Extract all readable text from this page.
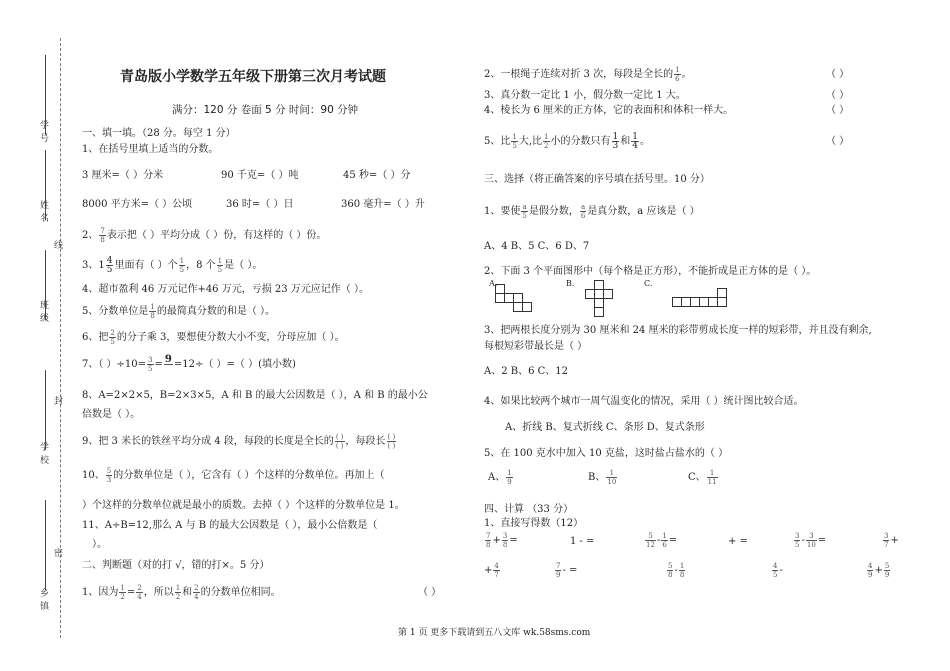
学
号
姓
名
线
班
级
封
学
校
密
乡
镇
青岛版小学数学五年级下册第三次月考试题
满分：120 分 卷面 5 分 时间：90 分钟
一、填一填。（28 分。每空 1 分）
1、在括号里填上适当的分数。
3 厘米=（ ）分米	90 千克=（ ）吨	45 秒=（ ）分
8000 平方米=（ ）公顷	36 时=（ ）日	360 毫升=（ ）升
2、 $\frac{7}{8}$ 表示把（ ）平均分成（ ）份，有这样的（ ）份。
3、$1 \frac{4}{5}$ 里面有（ ）个 $\frac{1}{5}$ ，8 个 $\frac{1}{5}$ 是（ ）。
4、超市盈利 46 万元记作+46 万元，亏损 23 万元应记作（ ）。
5、分数单位是 $\frac{1}{8}$ 的最简真分数的和是（ ）。
6、把 $\frac{2}{5}$ 的分子乘 3，要想使分数大小不变，分母应加（ ）。
7、（ ）$\div 10= \frac{3}{5} = 9$
=12÷（ ）=（ ）(填小数)
8、A=2×2×5，B=2×3×5，A 和 B 的最大公因数是（ ），A 和 B 的最小公
倍数是（ ）。
9、把 3 米长的铁丝平均分成 4 段，每段的长度是全长的 $\frac{( )}{( )}$ ，每段长 $\frac{( )}{( )}$
10、 $\frac{5}{3}$ 的分数单位是（ ），它含有（ ）个这样的分数单位。再加上（
）个这样的分数单位就是最小的质数。去掉（ ）个这样的分数单位是 1。
11、A÷B=12,那么 A 与 B 的最大公因数是（ ），最小公倍数是（
）。
二、判断题（对的打 √，错的打×。5 分）
1、因为 $\frac{1}{2} = \frac{2}{4}$ ，所以 $\frac{1}{2}$ 和 $\frac{2}{4}$ 的分数单位相同。	（ ）
2、一根绳子连续对折 3 次，每段是全长的 $\frac{1}{6}$ 。	（ ）
3、真分数一定比 1 小，假分数一定比 1 大。	（ ）
4、棱长为 6 厘米的正方体，它的表面积和体积一样大。	（ ）
5、比 $\frac{1}{5}$ 大,比 $\frac{1}{2}$ 小的分数只有 $\frac{1}{3}$ 和 $\frac{1}{4}$ 。	（ ）
三、选择（将正确答案的序号填在括号里。10 分）
1、要使 $\frac{a}{5}$ 是假分数， $\frac{a}{6}$ 是真分数，a 应该是（ ）
A、4 B、5 C、6 D、7
2、下面 3 个平面图形中（每个格是正方形），不能折成是正方体的是（ ）。
A.	B.	C.
3、把两根长度分别为 30 厘米和 24 厘米的彩带剪成长度一样的短彩带，并且没有剩余,
每根短彩带最长是（ ）
A、2 B、6 C、12
4、如果比较两个城市一周气温变化的情况，采用（ ）统计图比较合适。
A、折线 B、复式折线 C、条形 D、复式条形
5、在 100 克水中加入 10 克盐，这时盐占盐水的（ ）
A、 $\frac{1}{9}$	B、 $\frac{1}{10}$	C、 $\frac{1}{11}$
四、计算 （33 分）
1、直接写得数（12）
$\frac{7}{8} + \frac{3}{8}$ =	1 - =	$\frac{5}{12} - \frac{1}{6}$ =	+ =	$\frac{3}{5} - \frac{3}{10}$ =	$\frac{3}{7}$ +
+ $\frac{4}{7}$	$\frac{7}{9}$ - =	$\frac{5}{8} - \frac{1}{8}$	$\frac{4}{5}$ -	$\frac{4}{9} + \frac{5}{9}$
第 1 页 更多下载请到五八文库 wk.58sms.com
